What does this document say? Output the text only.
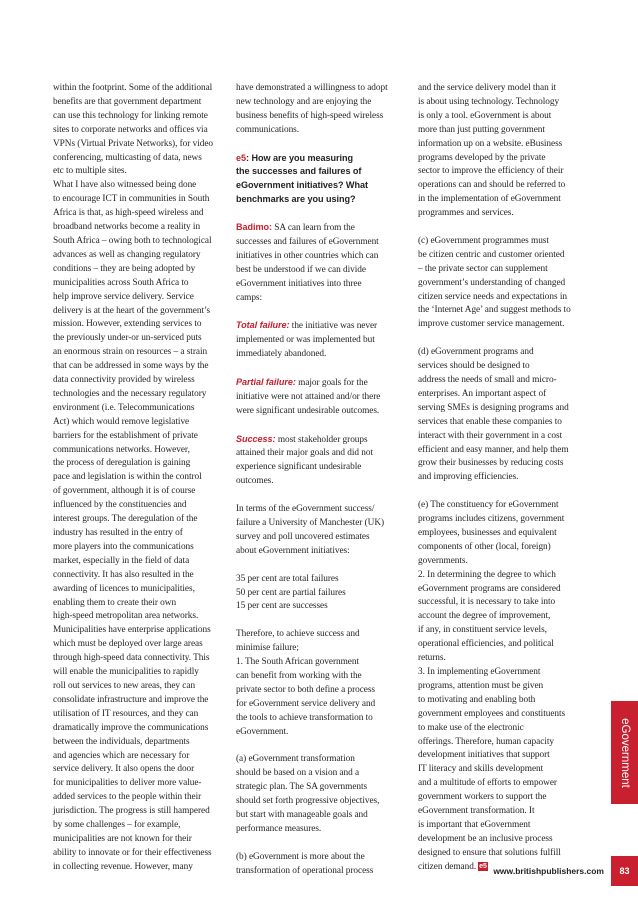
within the footprint. Some of the additional

benefits are that government department

can use this technology for linking remote

sites to corporate networks and offices via

VPNs (Virtual Private Networks), for video

conferencing, multicasting of data, news

etc to multiple sites.

What I have also witnessed being done

to encourage ICT in communities in South

Africa is that, as high-speed wireless and

broadband networks become a reality in

South Africa – owing both to technological

advances as well as changing regulatory

conditions – they are being adopted by

municipalities across South Africa to

help improve service delivery. Service

delivery is at the heart of the government’s

mission. However, extending services to

the previously under-or un-serviced puts

an enormous strain on resources – a strain

that can be addressed in some ways by the

data connectivity provided by wireless

technologies and the necessary regulatory

environment (i.e. Telecommunications

Act) which would remove legislative

barriers for the establishment of private

communications networks. However,

the process of deregulation is gaining

pace and legislation is within the control

of government, although it is of course

influenced by the constituencies and

interest groups. The deregulation of the

industry has resulted in the entry of

more players into the communications

market, especially in the field of data

connectivity. It has also resulted in the

awarding of licences to municipalities,

enabling them to create their own

high-speed metropolitan area networks.

Municipalities have enterprise applications

which must be deployed over large areas

through high-speed data connectivity. This

will enable the municipalities to rapidly

roll out services to new areas, they can

consolidate infrastructure and improve the

utilisation of IT resources, and they can

dramatically improve the communications

between the individuals, departments

and agencies which are necessary for

service delivery. It also opens the door

for municipalities to deliver more value-

added services to the people within their

jurisdiction. The progress is still hampered

by some challenges – for example,

municipalities are not known for their

ability to innovate or for their effectiveness

in collecting revenue. However, many

have demonstrated a willingness to adopt

new technology and are enjoying the

business benefits of high-speed wireless

communications.

e5: How are you measuring

the successes and failures of

eGovernment initiatives? What

benchmarks are you using?

Badimo: SA can learn from the

successes and failures of eGovernment

initiatives in other countries which can

best be understood if we can divide

eGovernment initiatives into three

camps:

Total failure: the initiative was never

implemented or was implemented but

immediately abandoned.

Partial failure: major goals for the

initiative were not attained and/or there

were significant undesirable outcomes.

Success: most stakeholder groups

attained their major goals and did not

experience significant undesirable

outcomes.

In terms of the eGovernment success/

failure a University of Manchester (UK)

survey and poll uncovered estimates

about eGovernment initiatives:

35 per cent are total failures

50 per cent are partial failures

15 per cent are successes

Therefore, to achieve success and

minimise failure;

1. The South African government

can benefit from working with the

private sector to both define a process

for eGovernment service delivery and

the tools to achieve transformation to

eGovernment.

(a) eGovernment transformation

should be based on a vision and a

strategic plan. The SA governments

should set forth progressive objectives,

but start with manageable goals and

performance measures.

(b) eGovernment is more about the

transformation of operational process

and the service delivery model than it

is about using technology. Technology

is only a tool. eGovernment is about

more than just putting government

information up on a website. eBusiness

programs developed by the private

sector to improve the efficiency of their

operations can and should be referred to

in the implementation of eGovernment

programmes and services.

(c) eGovernment programmes must

be citizen centric and customer oriented

– the private sector can supplement

government’s understanding of changed

citizen service needs and expectations in

the ‘Internet Age’ and suggest methods to

improve customer service management.

(d) eGovernment programs and

services should be designed to

address the needs of small and micro-

enterprises. An important aspect of

serving SMEs is designing programs and

services that enable these companies to

interact with their government in a cost

efficient and easy manner, and help them

grow their businesses by reducing costs

and improving efficiencies.

(e) The constituency for eGovernment

programs includes citizens, government

employees, businesses and equivalent

components of other (local, foreign)

governments.

2. In determining the degree to which

eGovernment programs are considered

successful, it is necessary to take into

account the degree of improvement,

if any, in constituent service levels,

operational efficiencies, and political

returns.

3. In implementing eGovernment

programs, attention must be given

to motivating and enabling both

government employees and constituents

to make use of the electronic

offerings. Therefore, human capacity

development initiatives that support

IT literacy and skills development

and a multitude of efforts to empower

government workers to support the

eGovernment transformation. It

is important that eGovernment

development be an inclusive process

designed to ensure that solutions fulfill

citizen demand. e5

eGovernment
www.britishpublishers.com	83
